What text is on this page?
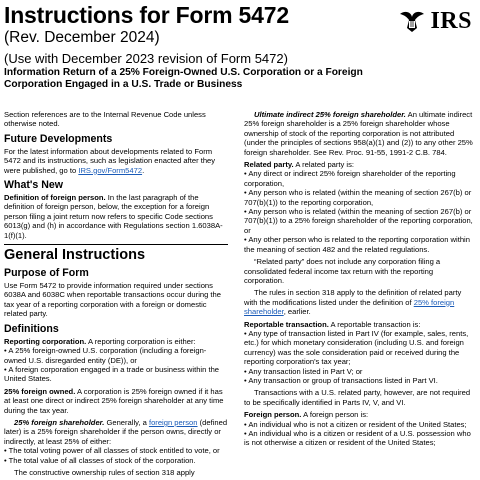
Instructions for Form 5472
(Rev. December 2024)
(Use with December 2023 revision of Form 5472)
Information Return of a 25% Foreign-Owned U.S. Corporation or a Foreign
Corporation Engaged in a U.S. Trade or Business
IRS

Section references are to the Internal Revenue Code unless otherwise noted.

Future Developments

For the latest information about developments related to Form 5472 and its instructions, such as legislation enacted after they were published, go to IRS.gov/Form5472.

What's New

Definition of foreign person. In the last paragraph of the definition of foreign person, below, the exception for a foreign person filing a joint return now refers to specific Code sections 6013(g) and (h) in accordance with Regulations section 1.6038A-1(f)(1).

General Instructions
Purpose of Form

Use Form 5472 to provide information required under sections 6038A and 6038C when reportable transactions occur during the tax year of a reporting corporation with a foreign or domestic related party.

Definitions

Reporting corporation. A reporting corporation is either:
• A 25% foreign-owned U.S. corporation (including a foreign-owned U.S. disregarded entity (DE)), or
• A foreign corporation engaged in a trade or business within the United States.

25% foreign owned. A corporation is 25% foreign owned if it has at least one direct or indirect 25% foreign shareholder at any time during the tax year.

25% foreign shareholder. Generally, a foreign person (defined later) is a 25% foreign shareholder if the person owns, directly or indirectly, at least 25% of either:
• The total voting power of all classes of stock entitled to vote, or
• The total value of all classes of stock of the corporation.

The constructive ownership rules of section 318 apply

Ultimate indirect 25% foreign shareholder. An ultimate indirect 25% foreign shareholder is a 25% foreign shareholder whose ownership of stock of the reporting corporation is not attributed (under the principles of sections 958(a)(1) and (2)) to any other 25% foreign shareholder. See Rev. Proc. 91-55, 1991-2 C.B. 784.

Related party. A related party is:
• Any direct or indirect 25% foreign shareholder of the reporting corporation,
• Any person who is related (within the meaning of section 267(b) or 707(b)(1)) to the reporting corporation,
• Any person who is related (within the meaning of section 267(b) or 707(b)(1)) to a 25% foreign shareholder of the reporting corporation, or
• Any other person who is related to the reporting corporation within the meaning of section 482 and the related regulations.

“Related party” does not include any corporation filing a consolidated federal income tax return with the reporting corporation.

The rules in section 318 apply to the definition of related party with the modifications listed under the definition of 25% foreign shareholder, earlier.

Reportable transaction. A reportable transaction is:
• Any type of transaction listed in Part IV (for example, sales, rents, etc.) for which monetary consideration (including U.S. and foreign currency) was the sole consideration paid or received during the reporting corporation's tax year;
• Any transaction listed in Part V; or
• Any transaction or group of transactions listed in Part VI.

Transactions with a U.S. related party, however, are not required to be specifically identified in Parts IV, V, and VI.

Foreign person. A foreign person is:
• An individual who is not a citizen or resident of the United States;
• An individual who is a citizen or resident of a U.S. possession who is not otherwise a citizen or resident of the United States;
